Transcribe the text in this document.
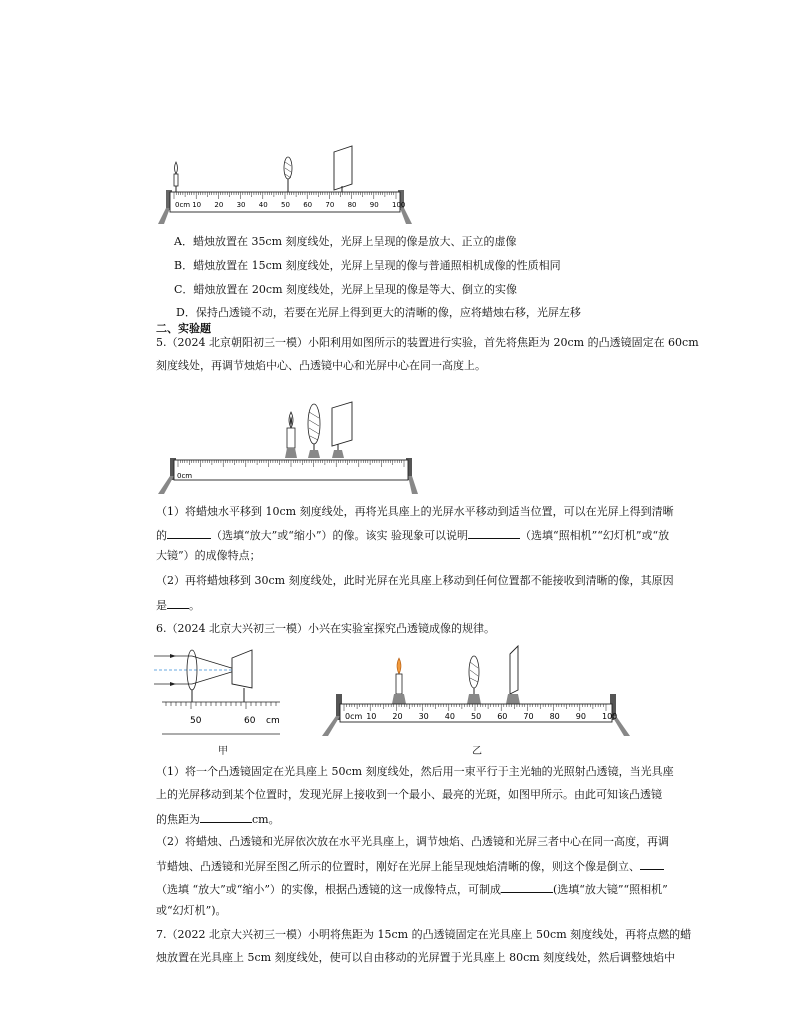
0cm 10 20 30 40 50 60 70 80 90 100
A．蜡烛放置在 35cm 刻度线处，光屏上呈现的像是放大、正立的虚像
B．蜡烛放置在 15cm 刻度线处，光屏上呈现的像与普通照相机成像的性质相同
C．蜡烛放置在 20cm 刻度线处，光屏上呈现的像是等大、倒立的实像
D．保持凸透镜不动，若要在光屏上得到更大的清晰的像，应将蜡烛右移，光屏左移
二、实验题
5.（2024 北京朝阳初三一模）小阳利用如图所示的装置进行实验，首先将焦距为 20cm 的凸透镜固定在 60cm
刻度线处，再调节烛焰中心、凸透镜中心和光屏中心在同一高度上。
0cm
（1）将蜡烛水平移到 10cm 刻度线处，再将光具座上的光屏水平移动到适当位置，可以在光屏上得到清晰
的	（选填“放大”或“缩小”）的像。该实 验现象可以说明	（选填“照相机”“幻灯机”或“放
大镜”）的成像特点；
（2）再将蜡烛移到 30cm 刻度线处，此时光屏在光具座上移动到任何位置都不能接收到清晰的像，其原因
是 。
6.（2024 北京大兴初三一模）小兴在实验室探究凸透镜成像的规律。
50	60 cm
甲
0cm 10 20 30 40 50 60 70 80 90 100
乙
（1）将一个凸透镜固定在光具座上 50cm 刻度线处，然后用一束平行于主光轴的光照射凸透镜，当光具座
上的光屏移动到某个位置时，发现光屏上接收到一个最小、最亮的光斑，如图甲所示。由此可知该凸透镜
的焦距为	cm。
（2）将蜡烛、凸透镜和光屏依次放在水平光具座上，调节烛焰、凸透镜和光屏三者中心在同一高度，再调
节蜡烛、凸透镜和光屏至图乙所示的位置时，刚好在光屏上能呈现烛焰清晰的像，则这个像是倒立、
（选填 “放大”或“缩小”）的实像，根据凸透镜的这一成像特点，可制成	(选填“放大镜”“照相机”
或“幻灯机”)。
7.（2022 北京大兴初三一模）小明将焦距为 15cm 的凸透镜固定在光具座上 50cm 刻度线处，再将点燃的蜡
烛放置在光具座上 5cm 刻度线处，使可以自由移动的光屏置于光具座上 80cm 刻度线处，然后调整烛焰中
